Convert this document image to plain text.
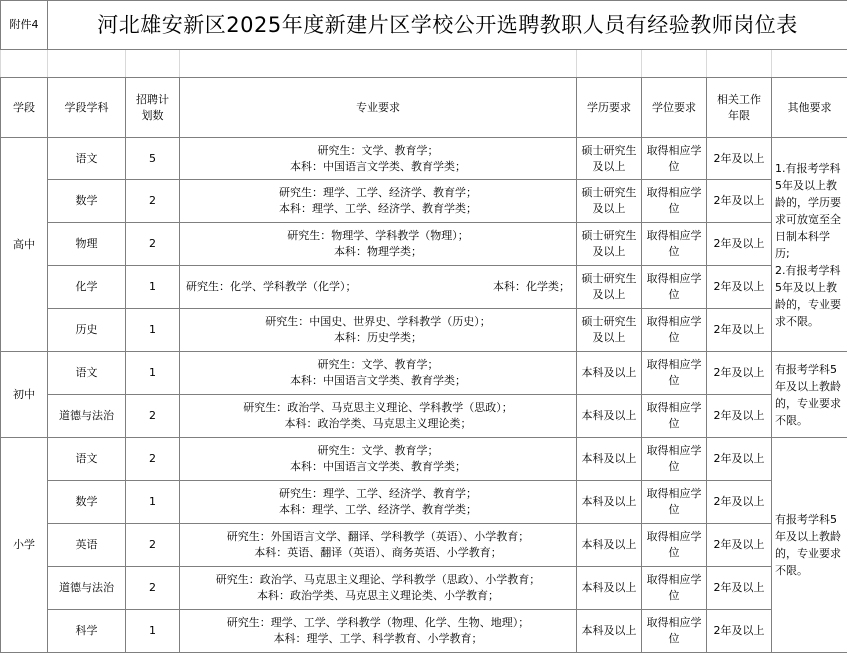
附件4	河北雄安新区2025年度新建片区学校公开选聘教职人员有经验教师岗位表						

学段	学段学科	招聘计划数	专业要求	学历要求	学位要求	相关工作年限	其他要求
高中	语文	5	研究生：文学、教育学；
本科：中国语言文学类、教育学类；	硕士研究生及以上	取得相应学位	2年及以上	1.有报考学科5年及以上教龄的，学历要求可放宽至全日制本科学历;
2.有报考学科5年及以上教龄的，专业要求不限。
	数学	2	研究生：理学、工学、经济学、教育学；
本科：理学、工学、经济学、教育学类；	硕士研究生及以上	取得相应学位	2年及以上	
	物理	2	研究生：物理学、学科教学（物理）；
本科：物理学类；	硕士研究生及以上	取得相应学位	2年及以上	
	化学	1	研究生：化学、学科教学（化学）； 本科：化学类；	硕士研究生及以上	取得相应学位	2年及以上	
	历史	1	研究生：中国史、世界史、学科教学（历史）；
本科：历史学类；	硕士研究生及以上	取得相应学位	2年及以上	
初中	语文	1	研究生：文学、教育学；
本科：中国语言文学类、教育学类；	本科及以上	取得相应学位	2年及以上	有报考学科5年及以上教龄的，专业要求不限。
	道德与法治	2	研究生：政治学、马克思主义理论、学科教学（思政）；
本科：政治学类、马克思主义理论类；	本科及以上	取得相应学位	2年及以上	
小学	语文	2	研究生：文学、教育学；
本科：中国语言文学类、教育学类；	本科及以上	取得相应学位	2年及以上	有报考学科5年及以上教龄的，专业要求不限。
	数学	1	研究生：理学、工学、经济学、教育学；
本科：理学、工学、经济学、教育学类；	本科及以上	取得相应学位	2年及以上	
	英语	2	研究生：外国语言文学、翻译、学科教学（英语）、小学教育；
本科：英语、翻译（英语）、商务英语、小学教育；	本科及以上	取得相应学位	2年及以上	
	道德与法治	2	研究生：政治学、马克思主义理论、学科教学（思政）、小学教育；
本科：政治学类、马克思主义理论类、小学教育；	本科及以上	取得相应学位	2年及以上	
	科学	1	研究生：理学、工学、学科教学（物理、化学、生物、地理）；
本科：理学、工学、科学教育、小学教育；	本科及以上	取得相应学位	2年及以上	
